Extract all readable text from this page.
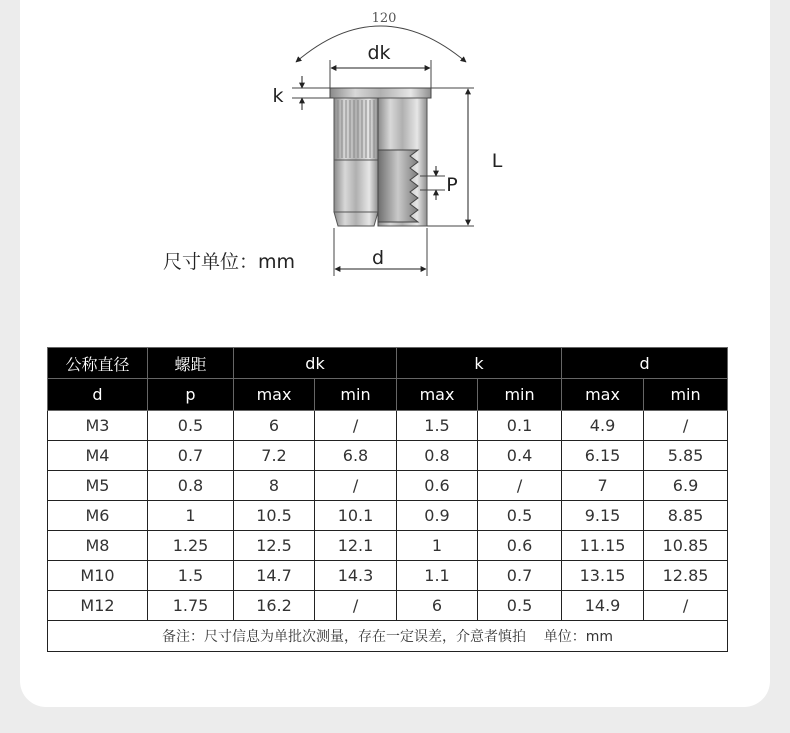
120
dk
k
P
L
d
尺寸单位：mm
公称直径	螺距	dk		k		d	
d	p	max	min	max	min	max	min
M3	0.5	6	/	1.5	0.1	4.9	/
M4	0.7	7.2	6.8	0.8	0.4	6.15	5.85
M5	0.8	8	/	0.6	/	7	6.9
M6	1	10.5	10.1	0.9	0.5	9.15	8.85
M8	1.25	12.5	12.1	1	0.6	11.15	10.85
M10	1.5	14.7	14.3	1.1	0.7	13.15	12.85
M12	1.75	16.2	/	6	0.5	14.9	/
备注：尺寸信息为单批次测量，存在一定误差，介意者慎拍    单位：mm							
